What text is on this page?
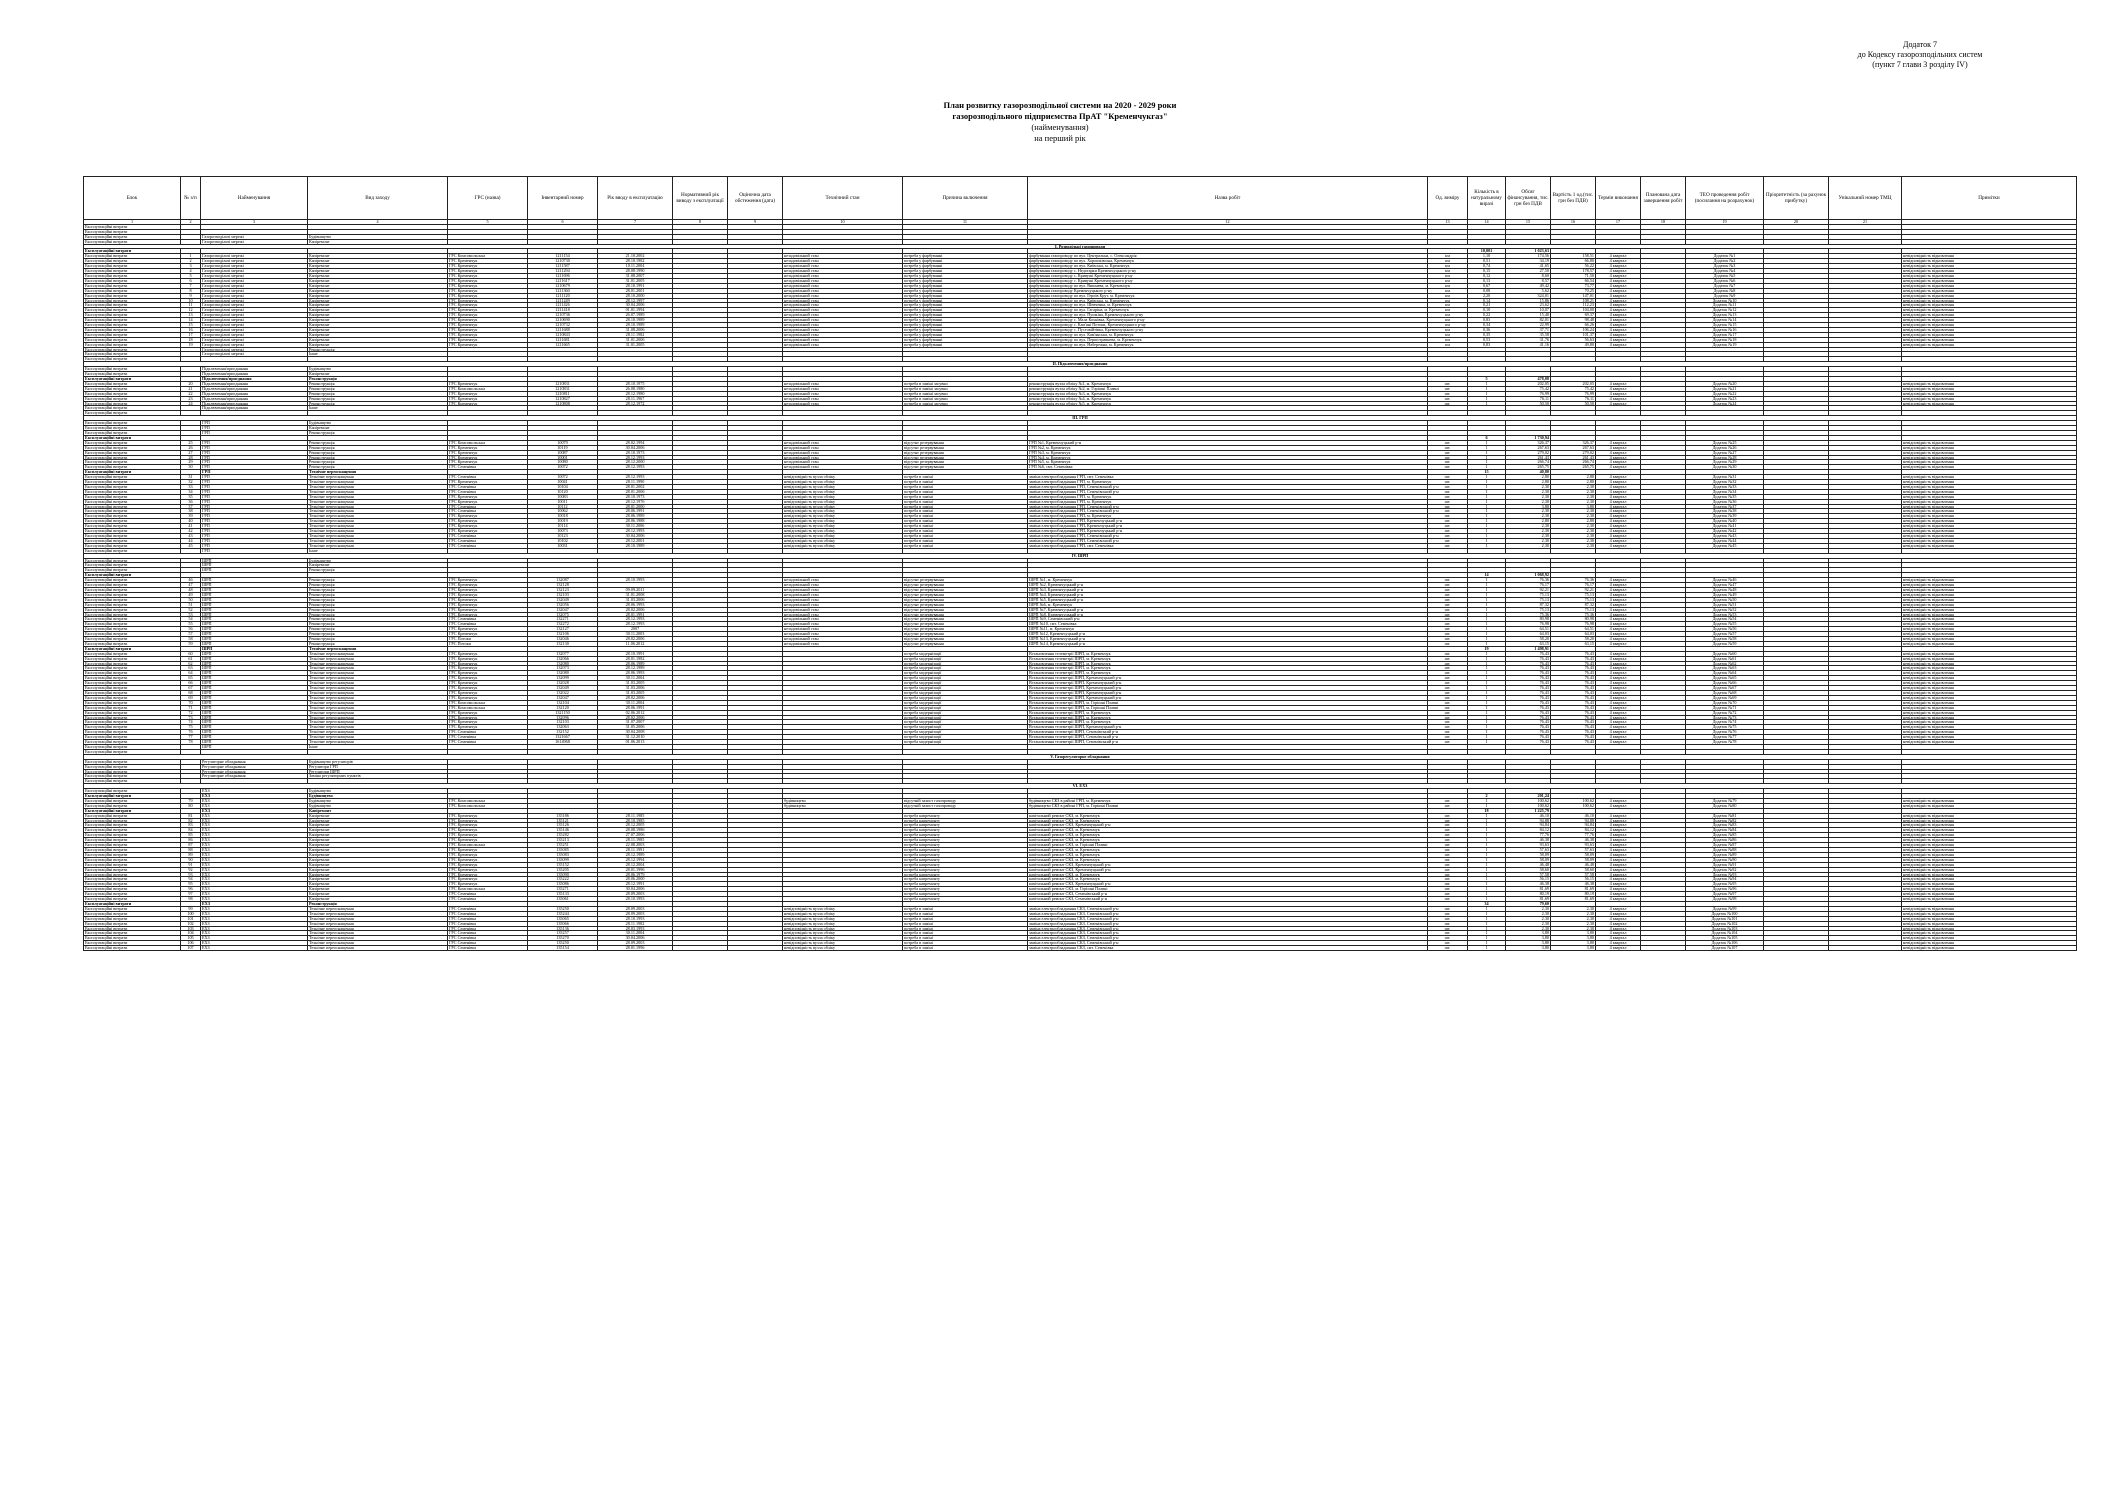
Додаток 7
до Кодексу газорозподільних систем
(пункт 7 глави 3 розділу IV)
План розвитку газорозподільної системи на 2020 - 2029 роки
газорозподільного підприємства ПрАТ "Кременчукгаз"
(найменування)
на перший рік
Блок	№ з/п	Найменування	Вид заходу	ГРС (назва)	Інвентарний номер	Рік вводу в експлуатацію	Нормативний рік виводу з експлуатації	Оціночна дата обстеження (дата)	Технічний стан	Причина включення	Назва робіт	Од. виміру	Кількість в натуральному виразі	Обсяг фінансування, тис. грн без ПДВ	Вартість 1 од.(тис. грн без ПДВ)	Термін виконання	Планована дата завершення робіт	ТЕО проведення робіт (посилання на розрахунок)	Пріоритетність (за рахунок прибутку)	Унікальний номер ТМЦ	Примітки
1	2	3	4	5	6	7	8	9	10	11	12	13	14	15	16	17	18	19	20	21	
Експлуатаційні витрати																					
Експлуатаційні витрати																					
Експлуатаційні витрати		Газорозподільчі мережі	Будівництво																		
Експлуатаційні витрати		Газорозподільчі мережі	Капіремонт																		
I. Розподільні газопроводи																					
Експлуатаційні витрати													10,001	1 023,63							
Експлуатаційні витрати	1	Газорозподільчі мережі	Капіремонт	ГРС Комсомольська	1211154	21.10.2002			незадовільний стан	потреба у фарбуванні	фарбування газопроводу по вул. Центральна, с. Олександрія	км	1,10	174,56	158,51	4 квартал		Додаток №1			невідповідність відновлення
Експлуатаційні витрати	2	Газорозподільчі мережі	Капіремонт	ГРС Кременчук	1210730	28.10.1982			незадовільний стан	потреба у фарбуванні	фарбування газопроводу по вул. Хорошківська, Кременчук	км	0,51	34,19	66,80	4 квартал		Додаток №2			невідповідність відновлення
Експлуатаційні витрати	3	Газорозподільчі мережі	Капіремонт	ГРС Кременчук	1211587	10.11.2004			незадовільний стан	потреба у фарбуванні	фарбування газопроводу по вул. Київська, м. Кременчук	км	0,74	41,65	56,22	4 квартал		Додаток №3			невідповідність відновлення
Експлуатаційні витрати	4	Газорозподільчі мережі	Капіремонт	ГРС Кременчук	1211294	28.08.1990			незадовільний стан	потреба у фарбуванні	фарбування газопроводу с. Недогарки Кременчуцького р-ну	км	0,15	27,50	178,57	4 квартал		Додаток №4			невідповідність відновлення
Експлуатаційні витрати	5	Газорозподільчі мережі	Капіремонт	ГРС Кременчук	1211696	31.08.2007			незадовільний стан	потреба у фарбуванні	фарбування газопроводу с. Кривуші Кременчуцького р-ну	км	0,12	8,60	71,50	4 квартал		Додаток №5			невідповідність відновлення
Експлуатаційні витрати	6	Газорозподільчі мережі	Капіремонт	ГРС Кременчук	1211617	31.01.2005			незадовільний стан	потреба у фарбуванні	фарбування газопроводу с. Кривуші Кременчуцького р-ну	км	0,13	8,57	66,54	4 квартал		Додаток №6			невідповідність відновлення
Експлуатаційні витрати	7	Газорозподільчі мережі	Капіремонт	ГРС Кременчук	1210679	28.10.1991			незадовільний стан	потреба у фарбуванні	фарбування газопроводу по вул. Вишнева, м. Кременчук	км	0,67	49,42	73,77	4 квартал		Додаток №7			невідповідність відновлення
Експлуатаційні витрати	8	Газорозподільчі мережі	Капіремонт	ГРС Кременчук	1211360	28.01.2001			незадовільний стан	потреба у фарбуванні	фарбування газопроводу Кременчуцького р-ну	км	0,08	5,62	70,25	4 квартал		Додаток №8			невідповідність відновлення
Експлуатаційні витрати	9	Газорозподільчі мережі	Капіремонт	ГРС Кременчук	1211120	28.10.2000			незадовільний стан	потреба у фарбуванні	фарбування газопроводу по вул. Героїв Крут, м. Кременчук	км	2,20	324,01	147,01	4 квартал		Додаток №9			невідповідність відновлення
Експлуатаційні витрати	10	Газорозподільчі мережі	Капіремонт	ГРС Кременчук	1211249	28.12.1997			незадовільний стан	потреба у фарбуванні	фарбування газопроводу по вул. Київська, м. Кременчук	км	0,14	15,86	108,21	4 квартал		Додаток №10			невідповідність відновлення
Експлуатаційні витрати	11	Газорозподільчі мережі	Капіремонт	ГРС Кременчук	1211426	30.04.2006			незадовільний стан	потреба у фарбуванні	фарбування газопроводу по вул. Шевченка, м. Кременчук	км	0,21	23,62	112,23	4 квартал		Додаток №11			невідповідність відновлення
Експлуатаційні витрати	12	Газорозподільчі мережі	Капіремонт	ГРС Кременчук	1211418	01.01.1994			незадовільний стан	потреба у фарбуванні	фарбування газопроводу по вул. Гагаріна, м. Кременчук	км	0,10	10,07	104,00	4 квартал		Додаток №12			невідповідність відновлення
Експлуатаційні витрати	13	Газорозподільчі мережі	Капіремонт	ГРС Кременчук	1210736	26.07.1989			незадовільний стан	потреба у фарбуванні	фарбування газопроводу по вул. Пушкіна, Кременчуцького р-ну	км	0,22	15,40	69,37	4 квартал		Додаток №13			невідповідність відновлення
Експлуатаційні витрати	14	Газорозподільчі мережі	Капіремонт	ГРС Кременчук	1210690	28.10.1989			незадовільний стан	потреба у фарбуванні	фарбування газопроводу с. Мала Кохнівка, Кременчуцького р-ну	км	0,83	82,01	98,48	4 квартал		Додаток №14			невідповідність відновлення
Експлуатаційні витрати	15	Газорозподільчі мережі	Капіремонт	ГРС Кременчук	1210732	28.10.1989			незадовільний стан	потреба у фарбуванні	фарбування газопроводу с. Кам'яні Потоки, Кременчуцького р-ну	км	0,34	22,99	66,26	4 квартал		Додаток №15			невідповідність відновлення
Експлуатаційні витрати	16	Газорозподільчі мережі	Капіремонт	ГРС Кременчук	1211688	31.08.2006			незадовільний стан	потреба у фарбуванні	фарбування газопроводу с. Пустовійтівка, Кременчуцького р-ну	км	0,36	37,71	106,24	4 квартал		Додаток №16			невідповідність відновлення
Експлуатаційні витрати	17	Газорозподільчі мережі	Капіремонт	ГРС Кременчук	1210843	28.11.1982			незадовільний стан	потреба у фарбуванні	фарбування газопроводу по вул. Кам'янська, м. Кременчук	км	0,35	35,58	101,37	4 квартал		Додаток №17			невідповідність відновлення
Експлуатаційні витрати	18	Газорозподільчі мережі	Капіремонт	ГРС Кременчук	1211681	31.01.2006			незадовільний стан	потреба у фарбуванні	фарбування газопроводу по вул. Першотравнева, м. Кременчук	км	0,53	31,76	56,63	4 квартал		Додаток №18			невідповідність відновлення
Експлуатаційні витрати	19	Газорозподільчі мережі	Капіремонт	ГРС Кременчук	1211665	31.01.2005			незадовільний стан	потреба у фарбуванні	фарбування газопроводу по вул. Набережна, м. Кременчук	км	0,83	41,16	49,80	4 квартал		Додаток №19			невідповідність відновлення
Експлуатаційні витрати		Газорозподільчі мережі	Реконструкція																		
Експлуатаційні витрати		Газорозподільчі мережі	Інше																		
Експлуатаційні витрати																					
II. Підключення/приєднання																					
Експлуатаційні витрати		Підключення/приєднання	Будівництво																		
Експлуатаційні витрати		Підключення/приєднання	Капіремонт																		
Експлуатаційні витрати		Підключення/приєднання	Реконструкція										5	478,08							
Експлуатаційні витрати	20	Підключення/приєднання	Реконструкція	ГРС Кременчук	1210831	28.10.1975			незадовільний стан	потреба в заміні засувки	реконструкція вузла обліку №1, м. Кременчук	шт.	1	202,05	202,05	4 квартал		Додаток №20			невідповідність відновлення
Експлуатаційні витрати	21	Підключення/приєднання	Реконструкція	ГРС Комсомольська	1210831	26.08.1980			незадовільний стан	потреба в заміні засувки	реконструкція вузла обліку №2, м. Горішні Плавні	шт.	1	75,42	75,42	4 квартал		Додаток №21			невідповідність відновлення
Експлуатаційні витрати	22	Підключення/приєднання	Реконструкція	ГРС Кременчук	1210811	28.12.1980			незадовільний стан	потреба в заміні засувки	реконструкція вузла обліку №3, м. Кременчук	шт.	1	76,99	76,99	4 квартал		Додаток №22			невідповідність відновлення
Експлуатаційні витрати	23	Підключення/приєднання	Реконструкція	ГРС Кременчук	1210827	28.11.1967			незадовільний стан	потреба в заміні засувки	реконструкція вузла обліку №4, м. Кременчук	шт.	1	76,11	76,11	4 квартал		Додаток №23			невідповідність відновлення
Експлуатаційні витрати	24	Підключення/приєднання	Реконструкція	ГРС Кременчук	1210808	28.12.1972			незадовільний стан	потреба в заміні засувки	реконструкція вузла обліку №5, м. Кременчук	шт.	1	50,50	50,50	4 квартал		Додаток №24			невідповідність відновлення
Експлуатаційні витрати		Підключення/приєднання	Інше																		
Експлуатаційні витрати																					
III. ГРП																					
Експлуатаційні витрати		ГРП	Будівництво																		
Експлуатаційні витрати		ГРП	Капіремонт																		
Експлуатаційні витрати		ГРП	Реконструкція																		
Експлуатаційні витрати													6	1 730,94							
Експлуатаційні витрати	25	ГРП	Реконструкція	ГРС Комсомольська	10079	28.02.1994			незадовільний стан	відсутнє резервування	ГРП №1, Кременчуцький р-н	шт.	1	326,37	326,37	4 квартал		Додаток №25			невідповідність відновлення
Експлуатаційні витрати	26	ГРП	Реконструкція	ГРС Кременчук	10119	30.04.2006			незадовільний стан	відсутнє резервування	ГРП №2, м. Кременчук	шт.	1	267,63	267,63	4 квартал		Додаток №26			невідповідність відновлення
Експлуатаційні витрати	27	ГРП	Реконструкція	ГРС Кременчук	10087	28.10.1973			незадовільний стан	відсутнє резервування	ГРП №3, м. Кременчук	шт.	1	279,02	279,02	4 квартал		Додаток №27			невідповідність відновлення
Експлуатаційні витрати	28	ГРП	Реконструкція	ГРС Кременчук	10001	28.12.1993			незадовільний стан	відсутнє резервування	ГРП №4, м. Кременчук	шт.	1	261,43	261,43	4 квартал		Додаток №28			невідповідність відновлення
Експлуатаційні витрати	29	ГРП	Реконструкція	ГРС Кременчук	10080	28.12.2000			незадовільний стан	відсутнє резервування	ГРП №5, м. Кременчук	шт.	1	266,74	266,74	4 квартал		Додаток №29			невідповідність відновлення
Експлуатаційні витрати	30	ГРП	Реконструкція	ГРС Семенівка	10072	28.12.1993			незадовільний стан	відсутнє резервування	ГРП №6, смт. Семенівка	шт.	1	265,75	265,75	4 квартал		Додаток №30			невідповідність відновлення
Експлуатаційні витрати		ГРП	Технічне переоснащення										15	40,80							
Експлуатаційні витрати	31	ГРП	Технічне переоснащення	ГРС Семенівка	10072	28.12.1993			невідповідність вузла обліку	потреба в заміні	заміна електрообладнання ГРП, смт. Семенівка	шт.	1	2,80	2,80	4 квартал		Додаток №31			невідповідність відновлення
Експлуатаційні витрати	32	ГРП	Технічне переоснащення	ГРС Кременчук	10041	28.11.1990			невідповідність вузла обліку	потреба в заміні	заміна електрообладнання ГРП, м. Кременчук	шт.	1	2,80	2,80	4 квартал		Додаток №32			невідповідність відновлення
Експлуатаційні витрати	33	ГРП	Технічне переоснащення	ГРС Семенівка	10104	28.01.2002			невідповідність вузла обліку	потреба в заміні	заміна електрообладнання ГРП, Семенівський р-н	шт.	1	2,30	2,30	4 квартал		Додаток №33			невідповідність відновлення
Експлуатаційні витрати	34	ГРП	Технічне переоснащення	ГРС Семенівка	10120	28.01.2006			невідповідність вузла обліку	потреба в заміні	заміна електрообладнання ГРП, Семенівський р-н	шт.	1	2,30	2,30	4 квартал		Додаток №34			невідповідність відновлення
Експлуатаційні витрати	35	ГРП	Технічне переоснащення	ГРС Кременчук	10083	28.10.1973			невідповідність вузла обліку	потреба в заміні	заміна електрообладнання ГРП, м. Кременчук	шт.	1	2,30	2,30	4 квартал		Додаток №35			невідповідність відновлення
Експлуатаційні витрати	36	ГРП	Технічне переоснащення	ГРС Кременчук	10011	28.12.1976			невідповідність вузла обліку	потреба в заміні	заміна електрообладнання ГРП, м. Кременчук	шт.	1	2,30	2,30	4 квартал		Додаток №36			невідповідність відновлення
Експлуатаційні витрати	37	ГРП	Технічне переоснащення	ГРС Семенівка	10112	28.01.2000			невідповідність вузла обліку	потреба в заміні	заміна електрообладнання ГРП, Семенівський р-н	шт.	1	3,80	3,80	4 квартал		Додаток №37			невідповідність відновлення
Експлуатаційні витрати	38	ГРП	Технічне переоснащення	ГРС Семенівка	10062	28.06.1991			невідповідність вузла обліку	потреба в заміні	заміна електрообладнання ГРП, Семенівський р-н	шт.	1	2,30	2,30	4 квартал		Додаток №38			невідповідність відновлення
Експлуатаційні витрати	39	ГРП	Технічне переоснащення	ГРС Кременчук	10018	28.06.1989			невідповідність вузла обліку	потреба в заміні	заміна електрообладнання ГРП, м. Кременчук	шт.	1	2,30	2,30	4 квартал		Додаток №39			невідповідність відновлення
Експлуатаційні витрати	40	ГРП	Технічне переоснащення	ГРС Кременчук	10019	28.06.1988			невідповідність вузла обліку	потреба в заміні	заміна електрообладнання ГРП, Кременчуцький р-н	шт.	1	2,80	2,80	4 квартал		Додаток №40			невідповідність відновлення
Експлуатаційні витрати	41	ГРП	Технічне переоснащення	ГРС Кременчук	10114	30.11.2006			невідповідність вузла обліку	потреба в заміні	заміна електрообладнання ГРП, Кременчуцький р-н	шт.	1	2,30	2,30	4 квартал		Додаток №41			невідповідність відновлення
Експлуатаційні витрати	42	ГРП	Технічне переоснащення	ГРС Кременчук	10073	28.12.1993			невідповідність вузла обліку	потреба в заміні	заміна електрообладнання ГРП, Кременчуцький р-н	шт.	1	2,30	2,30	4 квартал		Додаток №42			невідповідність відновлення
Експлуатаційні витрати	43	ГРП	Технічне переоснащення	ГРС Семенівка	10123	30.04.2006			невідповідність вузла обліку	потреба в заміні	заміна електрообладнання ГРП, Семенівський р-н	шт.	1	2,30	2,30	4 квартал		Додаток №43			невідповідність відновлення
Експлуатаційні витрати	44	ГРП	Технічне переоснащення	ГРС Семенівка	10102	28.12.2001			невідповідність вузла обліку	потреба в заміні	заміна електрообладнання ГРП, Семенівський р-н	шт.	1	2,30	2,30	4 квартал		Додаток №44			невідповідність відновлення
Експлуатаційні витрати	45	ГРП	Технічне переоснащення	ГРС Семенівка	10031	28.10.1989			невідповідність вузла обліку	потреба в заміні	заміна електрообладнання ГРП, смт. Семенівка	шт.	1	2,30	2,30	4 квартал		Додаток №45			невідповідність відновлення
Експлуатаційні витрати		ГРП	Інше																		
IV. ШРП																					
Експлуатаційні витрати		ШРП	Будівництво																		
Експлуатаційні витрати		ШРП	Капіремонт																		
Експлуатаційні витрати		ШРП	Реконструкція																		
Експлуатаційні витрати													14	1 068,92							
Експлуатаційні витрати	46	ШРП	Реконструкція	ГРС Кременчук	132087	28.10.1993			незадовільний стан	відсутнє резервування	ШРП №1, м. Кременчук	шт.	1	76,36	76,36	4 квартал		Додаток №46			невідповідність відновлення
Експлуатаційні витрати	47	ШРП	Реконструкція	ГРС Кременчук	132128				незадовільний стан	відсутнє резервування	ШРП №2, Кременчуцький р-н	шт.	1	76,17	76,17	4 квартал		Додаток №47			невідповідність відновлення
Експлуатаційні витрати	48	ШРП	Реконструкція	ГРС Кременчук	132123	09.09.2011			незадовільний стан	відсутнє резервування	ШРП №3, Кременчуцький р-н	шт.	1	92,21	92,21	4 квартал		Додаток №48			невідповідність відновлення
Експлуатаційні витрати	49	ШРП	Реконструкція	ГРС Кременчук	132103	31.01.2008			незадовільний стан	відсутнє резервування	ШРП №4, Кременчуцький р-н	шт.	1	75,13	75,13	4 квартал		Додаток №49			невідповідність відновлення
Експлуатаційні витрати	50	ШРП	Реконструкція	ГРС Кременчук	132049	31.03.2006			незадовільний стан	відсутнє резервування	ШРП №5, Кременчуцький р-н	шт.	1	75,13	75,13	4 квартал		Додаток №50			невідповідність відновлення
Експлуатаційні витрати	51	ШРП	Реконструкція	ГРС Кременчук	132056	28.06.1993			незадовільний стан	відсутнє резервування	ШРП №6, м. Кременчук	шт.	1	87,32	87,32	4 квартал		Додаток №51			невідповідність відновлення
Експлуатаційні витрати	52	ШРП	Реконструкція	ГРС Кременчук	132047	28.02.2006			незадовільний стан	відсутнє резервування	ШРП №7, Кременчуцький р-н	шт.	1	75,13	75,13	4 квартал		Додаток №52			невідповідність відновлення
Експлуатаційні витрати	53	ШРП	Реконструкція	ГРС Кременчук	132075	28.01.1991			незадовільний стан	відсутнє резервування	ШРП №8, Кременчуцький р-н	шт.	1	75,36	75,36	4 квартал		Додаток №53			невідповідність відновлення
Експлуатаційні витрати	54	ШРП	Реконструкція	ГРС Семенівка	132271	28.12.1993			незадовільний стан	відсутнє резервування	ШРП №9, Семенівський р-н	шт.	1	80,98	80,98	4 квартал		Додаток №54			невідповідність відновлення
Експлуатаційні витрати	55	ШРП	Реконструкція	ГРС Семенівка	132272	28.12.1993			незадовільний стан	відсутнє резервування	ШРП №10, смт. Семенівка	шт.	1	76,98	76,98	4 квартал		Додаток №55			невідповідність відновлення
Експлуатаційні витрати	56	ШРП	Реконструкція	ГРС Кременчук	132127	2007			незадовільний стан	відсутнє резервування	ШРП №11, м. Кременчук	шт.	1	64,51	64,51	4 квартал		Додаток №56			невідповідність відновлення
Експлуатаційні витрати	57	ШРП	Реконструкція	ГРС Кременчук	132106	30.11.2003			незадовільний стан	відсутнє резервування	ШРП №12, Кременчуцький р-н	шт.	1	64,03	64,03	4 квартал		Додаток №57			невідповідність відновлення
Експлуатаційні витрати	58	ШРП	Реконструкція	ГРС Потоки	132046	28.02.2006			незадовільний стан	відсутнє резервування	ШРП №13, Кременчуцький р-н	шт.	1	58,20	58,20	4 квартал		Додаток №58			невідповідність відновлення
Експлуатаційні витрати	59	ШРП	Реконструкція	ГРС Потоки	132130	11.06.2012			незадовільний стан	відсутнє резервування	ШРП №14, Кременчуцький р-н	шт.	1	63,15	63,15	4 квартал		Додаток №59			невідповідність відновлення
Експлуатаційні витрати		ШРП	Технічне переоснащення										19	1 498,91							
Експлуатаційні витрати	60	ШРП	Технічне переоснащення	ГРС Кременчук	132077	28.10.1991				потреба модернізації	Встановлення телеметрії ШРП, м. Кременчук	шт.	1	76,43	76,43	4 квартал		Додаток №60			невідповідність відновлення
Експлуатаційні витрати	61	ШРП	Технічне переоснащення	ГРС Кременчук	132066	28.01.1982				потреба модернізації	Встановлення телеметрії ШРП, м. Кременчук	шт.	1	76,43	76,43	4 квартал		Додаток №61			невідповідність відновлення
Експлуатаційні витрати	62	ШРП	Технічне переоснащення	ГРС Кременчук	132080	28.06.1989				потреба модернізації	Встановлення телеметрії ШРП, м. Кременчук	шт.	1	76,43	76,43	4 квартал		Додаток №62			невідповідність відновлення
Експлуатаційні витрати	63	ШРП	Технічне переоснащення	ГРС Кременчук	132073	28.12.1989				потреба модернізації	Встановлення телеметрії ШРП, м. Кременчук	шт.	1	76,43	76,43	4 квартал		Додаток №63			невідповідність відновлення
Експлуатаційні витрати	64	ШРП	Технічне переоснащення	ГРС Кременчук	132080	28.06.1993				потреба модернізації	Встановлення телеметрії ШРП, м. Кременчук	шт.	1	76,43	76,43	4 квартал		Додаток №64			невідповідність відновлення
Експлуатаційні витрати	65	ШРП	Технічне переоснащення	ГРС Кременчук	132099	30.11.2004				потреба модернізації	Встановлення телеметрії ШРП, Кременчуцький р-н	шт.	1	76,43	76,43	4 квартал		Додаток №65			невідповідність відновлення
Експлуатаційні витрати	66	ШРП	Технічне переоснащення	ГРС Кременчук	132028	31.03.2005				потреба модернізації	Встановлення телеметрії ШРП, Кременчуцький р-н	шт.	1	76,43	76,43	4 квартал		Додаток №66			невідповідність відновлення
Експлуатаційні витрати	67	ШРП	Технічне переоснащення	ГРС Кременчук	132049	31.03.2006				потреба модернізації	Встановлення телеметрії ШРП, Кременчуцький р-н	шт.	1	76,43	76,43	4 квартал		Додаток №67			невідповідність відновлення
Експлуатаційні витрати	68	ШРП	Технічне переоснащення	ГРС Кременчук	132022	31.03.2005				потреба модернізації	Встановлення телеметрії ШРП, Кременчуцький р-н	шт.	1	76,43	76,43	4 квартал		Додаток №68			невідповідність відновлення
Експлуатаційні витрати	69	ШРП	Технічне переоснащення	ГРС Кременчук	132047	28.02.2006				потреба модернізації	Встановлення телеметрії ШРП, Кременчуцький р-н	шт.	1	76,43	76,43	4 квартал		Додаток №69			невідповідність відновлення
Експлуатаційні витрати	70	ШРП	Технічне переоснащення	ГРС Комсомольська	132104	30.11.2004				потреба модернізації	Встановлення телеметрії ШРП, м. Горішні Плавні	шт.	1	76,43	76,43	4 квартал		Додаток №70			невідповідність відновлення
Експлуатаційні витрати	71	ШРП	Технічне переоснащення	ГРС Комсомольська	132120	28.06.1991				потреба модернізації	Встановлення телеметрії ШРП, м. Горішні Плавні	шт.	1	76,43	76,43	4 квартал		Додаток №71			невідповідність відновлення
Експлуатаційні витрати	72	ШРП	Технічне переоснащення	ГРС Кременчук	1321150	02.06.2012				потреба модернізації	Встановлення телеметрії ШРП, м. Кременчук	шт.	1	76,43	76,43	4 квартал		Додаток №72			невідповідність відновлення
Експлуатаційні витрати	73	ШРП	Технічне переоснащення	ГРС Кременчук	132096	28.02.2006				потреба модернізації	Встановлення телеметрії ШРП, м. Кременчук	шт.	1	76,43	76,43	4 квартал		Додаток №73			невідповідність відновлення
Експлуатаційні витрати	74	ШРП	Технічне переоснащення	ГРС Кременчук	132103	31.07.2007				потреба модернізації	Встановлення телеметрії ШРП, м. Кременчук	шт.	1	76,43	76,43	4 квартал		Додаток №74			невідповідність відновлення
Експлуатаційні витрати	75	ШРП	Технічне переоснащення	ГРС Кременчук	132063	31.05.2006				потреба модернізації	Встановлення телеметрії ШРП, Кременчуцький р-н	шт.	1	76,43	76,43	4 квартал		Додаток №75			невідповідність відновлення
Експлуатаційні витрати	76	ШРП	Технічне переоснащення	ГРС Семенівка	132152	30.04.2008				потреба модернізації	Встановлення телеметрії ШРП, Семенівський р-н	шт.	1	76,43	76,43	4 квартал		Додаток №76			невідповідність відновлення
Експлуатаційні витрати	77	ШРП	Технічне переоснащення	ГРС Семенівка	1321667	31.12.2010				потреба модернізації	Встановлення телеметрії ШРП, Семенівський р-н	шт.	1	76,43	76,43	4 квартал		Додаток №77			невідповідність відновлення
Експлуатаційні витрати	78	ШРП	Технічне переоснащення	ГРС Семенівка	1614968	01.06.2013				потреба модернізації	Встановлення телеметрії ШРП, Семенівський р-н	шт.	1	76,43	76,43	4 квартал		Додаток №78			невідповідність відновлення
Експлуатаційні витрати		ШРП	Інше																		
Експлуатаційні витрати																					
V. Газорегуляторне обладнання																					
Експлуатаційні витрати		Регуляторне обладнання	Будівництво регуляторів																		
Експлуатаційні витрати		Регуляторне обладнання	Регулятори ГРП																		
Експлуатаційні витрати		Регуляторне обладнання	Регулятори ШРП																		
Експлуатаційні витрати		Регуляторне обладнання	Заміна регуляторних пунктів																		
Експлуатаційні витрати																					
VI. ЕХЗ																					
Експлуатаційні витрати		ЕХЗ	Будівництво																		
Експлуатаційні витрати		ЕХЗ	Будівництво										2	201,24							
Експлуатаційні витрати	79	ЕХЗ	Будівництво	ГРС Комсомольська					будівництво	відсутній захист газопроводу	будівництво СКЗ в районі ГРП, м. Кременчук	шт.	1	100,62	100,62	4 квартал		Додаток №79			невідповідність відновлення
Експлуатаційні витрати	80	ЕХЗ	Будівництво	ГРС Комсомольська					будівництво	відсутній захист газопроводу	будівництво СКЗ в районі ГРП, м. Горішні Плавні	шт.	1	100,62	100,62	4 квартал		Додаток №80			невідповідність відновлення
Експлуатаційні витрати		ЕХЗ	Капіремонт										18	1 225,79							
Експлуатаційні витрати	81	ЕХЗ	Капіремонт	ГРС Кременчук	135186	28.11.1985				потреба капремонту	капітальний ремонт СКЗ, м. Кременчук	шт.	1	46,10	46,10	4 квартал		Додаток №81			невідповідність відновлення
Експлуатаційні витрати	82	ЕХЗ	Капіремонт	ГРС Кременчук	135121	28.10.1985				потреба капремонту	капітальний ремонт СКЗ, м. Кременчук	шт.	1	94,88	94,88	4 квартал		Додаток №82			невідповідність відновлення
Експлуатаційні витрати	83	ЕХЗ	Капіремонт	ГРС Кременчук	135126	28.12.2005				потреба капремонту	капітальний ремонт СКЗ, Кременчуцький р-н	шт.	1	94,84	94,84	4 квартал		Додаток №83			невідповідність відновлення
Експлуатаційні витрати	84	ЕХЗ	Капіремонт	ГРС Кременчук	135146	28.08.1986				потреба капремонту	капітальний ремонт СКЗ, м. Кременчук	шт.	1	84,12	84,12	4 квартал		Додаток №84			невідповідність відновлення
Експлуатаційні витрати	85	ЕХЗ	Капіремонт	ГРС Кременчук	135282	27.07.2006				потреба капремонту	капітальний ремонт СКЗ, м. Кременчук	шт.	1	77,76	77,76	4 квартал		Додаток №85			невідповідність відновлення
Експлуатаційні витрати	86	ЕХЗ	Капіремонт	ГРС Кременчук	135213	28.11.1985				потреба капремонту	капітальний ремонт СКЗ, м. Кременчук	шт.	1	46,38	46,38	4 квартал		Додаток №86			невідповідність відновлення
Експлуатаційні витрати	87	ЕХЗ	Капіремонт	ГРС Комсомольська	135251	22.08.2003				потреба капремонту	капітальний ремонт СКЗ, м. Горішні Плавні	шт.	1	93,63	93,63	4 квартал		Додаток №87			невідповідність відновлення
Експлуатаційні витрати	88	ЕХЗ	Капіремонт	ГРС Кременчук	135085	28.11.1991				потреба капремонту	капітальний ремонт СКЗ, м. Кременчук	шт.	1	57,63	57,63	4 квартал		Додаток №88			невідповідність відновлення
Експлуатаційні витрати	89	ЕХЗ	Капіремонт	ГРС Кременчук	135083	28.12.1989				потреба капремонту	капітальний ремонт СКЗ, м. Кременчук	шт.	1	58,09	58,09	4 квартал		Додаток №89			невідповідність відновлення
Експлуатаційні витрати	90	ЕХЗ	Капіремонт	ГРС Кременчук	135099	28.12.1994				потреба капремонту	капітальний ремонт СКЗ, м. Кременчук	шт.	1	58,09	58,09	4 квартал		Додаток №90			невідповідність відновлення
Експлуатаційні витрати	91	ЕХЗ	Капіремонт	ГРС Кременчук	135152	28.12.2004				потреба капремонту	капітальний ремонт СКЗ, Кременчуцький р-н	шт.	1	46,48	46,48	4 квартал		Додаток №91			невідповідність відновлення
Експлуатаційні витрати	92	ЕХЗ	Капіремонт	ГРС Кременчук	135205	28.01.1996				потреба капремонту	капітальний ремонт СКЗ, Кременчуцький р-н	шт.	1	58,60	58,60	4 квартал		Додаток №92			невідповідність відновлення
Експлуатаційні витрати	93	ЕХЗ	Капіремонт	ГРС Кременчук	135090	28.06.1979				потреба капремонту	капітальний ремонт СКЗ, м. Кременчук	шт.	1	57,58	57,58	4 квартал		Додаток №93			невідповідність відновлення
Експлуатаційні витрати	94	ЕХЗ	Капіремонт	ГРС Кременчук	135222	28.06.2000				потреба капремонту	капітальний ремонт СКЗ, м. Кременчук	шт.	1	56,15	56,15	4 квартал		Додаток №94			невідповідність відновлення
Експлуатаційні витрати	95	ЕХЗ	Капіремонт	ГРС Кременчук	135086	28.12.1991				потреба капремонту	капітальний ремонт СКЗ, Кременчуцький р-н	шт.	1	46,38	46,38	4 квартал		Додаток №95			невідповідність відновлення
Експлуатаційні витрати	96	ЕХЗ	Капіремонт	ГРС Комсомольська	135271	30.04.2006				потреба капремонту	капітальний ремонт СКЗ, м. Горішні Плавні	шт.	1	81,69	81,69	4 квартал		Додаток №96			невідповідність відновлення
Експлуатаційні витрати	97	ЕХЗ	Капіремонт	ГРС Семенівка	135133	28.09.2003				потреба капремонту	капітальний ремонт СКЗ, Семенівський р-н	шт.	1	80,19	80,19	4 квартал		Додаток №97			невідповідність відновлення
Експлуатаційні витрати	98	ЕХЗ	Капіремонт	ГРС Семенівка	135061	28.10.1993				потреба капремонту	капітальний ремонт СКЗ, Семенівський р-н	шт.	1	81,69	81,69	4 квартал		Додаток №98			невідповідність відновлення
Експлуатаційні витрати		ЕХЗ	Реконструкція										34	79,60							
Експлуатаційні витрати	99	ЕХЗ	Технічне переоснащення	ГРС Семенівка	135250	28.09.2003			невідповідність вузла обліку	потреба в заміні	заміна електрообладнання СКЗ, Семенівський р-н	шт.	1	2,30	2,30	4 квартал		Додаток №99			невідповідність відновлення
Експлуатаційні витрати	100	ЕХЗ	Технічне переоснащення	ГРС Семенівка	135244	28.09.2003			невідповідність вузла обліку	потреба в заміні	заміна електрообладнання СКЗ, Семенівський р-н	шт.	1	2,30	2,30	4 квартал		Додаток №100			невідповідність відновлення
Експлуатаційні витрати	101	ЕХЗ	Технічне переоснащення	ГРС Семенівка	135065	28.10.1993			невідповідність вузла обліку	потреба в заміні	заміна електрообладнання СКЗ, Семенівський р-н	шт.	1	2,30	2,30	4 квартал		Додаток №101			невідповідність відновлення
Експлуатаційні витрати	102	ЕХЗ	Технічне переоснащення	ГРС Семенівка	135066	28.11.1982			невідповідність вузла обліку	потреба в заміні	заміна електрообладнання СКЗ, Семенівський р-н	шт.	1	2,30	2,30	4 квартал		Додаток №102			невідповідність відновлення
Експлуатаційні витрати	103	ЕХЗ	Технічне переоснащення	ГРС Семенівка	135136	28.03.1993			невідповідність вузла обліку	потреба в заміні	заміна електрообладнання СКЗ, Семенівський р-н	шт.	1	2,30	2,30	4 квартал		Додаток №103			невідповідність відновлення
Експлуатаційні витрати	104	ЕХЗ	Технічне переоснащення	ГРС Семенівка	135257	30.11.2004			невідповідність вузла обліку	потреба в заміні	заміна електрообладнання СКЗ, Семенівський р-н	шт.	1	3,80	3,80	4 квартал		Додаток №104			невідповідність відновлення
Експлуатаційні витрати	105	ЕХЗ	Технічне переоснащення	ГРС Семенівка	135270	30.04.2006			невідповідність вузла обліку	потреба в заміні	заміна електрообладнання СКЗ, Семенівський р-н	шт.	1	3,80	3,80	4 квартал		Додаток №105			невідповідність відновлення
Експлуатаційні витрати	106	ЕХЗ	Технічне переоснащення	ГРС Семенівка	135250	28.09.2003			невідповідність вузла обліку	потреба в заміні	заміна електрообладнання СКЗ, Семенівський р-н	шт.	1	3,80	3,80	4 квартал		Додаток №106			невідповідність відновлення
Експлуатаційні витрати	107	ЕХЗ	Технічне переоснащення	ГРС Семенівка	135154	28.01.1996			невідповідність вузла обліку	потреба в заміні	заміна електрообладнання СКЗ, смт. Семенівка	шт.	1	3,80	3,80	4 квартал		Додаток №107			невідповідність відновлення
